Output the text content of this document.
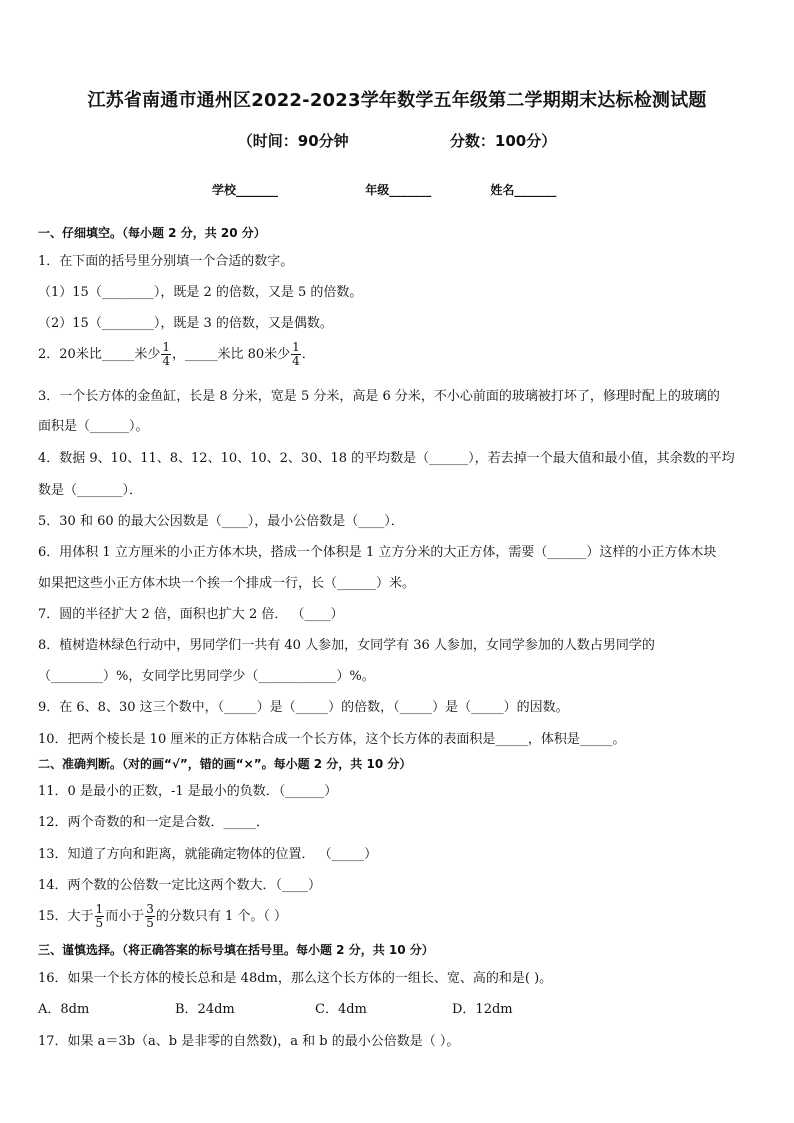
江苏省南通市通州区2022-2023学年数学五年级第二学期期末达标检测试题
（时间：90分钟	分数：100分）
学校_______	年级_______	姓名_______
一、仔细填空。（每小题 2 分，共 20 分）
1．在下面的括号里分别填一个合适的数字。
（1）15（________），既是 2 的倍数，又是 5 的倍数。
（2）15（________），既是 3 的倍数，又是偶数。
2．20米比_____米少 $\frac{1}{4}$ ，_____米比 80米少 $\frac{1}{4}$ ．
3．一个长方体的金鱼缸，长是 8 分米，宽是 5 分米，高是 6 分米，不小心前面的玻璃被打坏了，修理时配上的玻璃的
面积是（______）。
4．数据 9、10、11、8、12、10、10、2、30、18 的平均数是（______），若去掉一个最大值和最小值，其余数的平均
数是（_______）．
5．30 和 60 的最大公因数是（____），最小公倍数是（____）．
6．用体积 1 立方厘米的小正方体木块，搭成一个体积是 1 立方分米的大正方体，需要（______）这样的小正方体木块
如果把这些小正方体木块一个挨一个排成一行，长（______）米。
7．圆的半径扩大 2 倍，面积也扩大 2 倍． （____）
8．植树造林绿色行动中，男同学们一共有 40 人参加，女同学有 36 人参加，女同学参加的人数占男同学的
（________）%，女同学比男同学少（____________）%。
9．在 6、8、30 这三个数中，（_____）是（_____）的倍数，（_____）是（_____）的因数。
10．把两个棱长是 10 厘米的正方体粘合成一个长方体，这个长方体的表面积是_____，体积是_____。
二、准确判断。（对的画“√”，错的画“×”。每小题 2 分，共 10 分）
11．0 是最小的正数，-1 是最小的负数．（______）
12．两个奇数的和一定是合数．_____．
13．知道了方向和距离，就能确定物体的位置． （_____）
14．两个数的公倍数一定比这两个数大．（____）
15．大于 $\frac{1}{5}$ 而小于 $\frac{3}{5}$ 的分数只有 1 个。（ ）
三、谨慎选择。（将正确答案的标号填在括号里。每小题 2 分，共 10 分）
16．如果一个长方体的棱长总和是 48dm，那么这个长方体的一组长、宽、高的和是( )。
A．8dm	B．24dm	C．4dm	D．12dm
17．如果 a＝3b（a、b 是非零的自然数)，a 和 b 的最小公倍数是（ ）。
